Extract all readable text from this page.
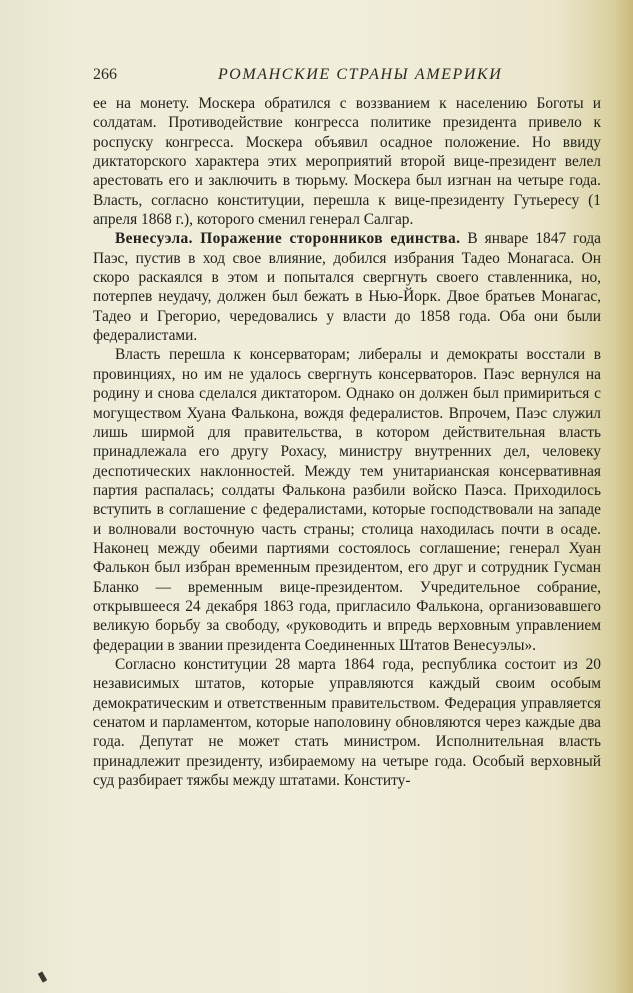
266	РОМАНСКИЕ СТРАНЫ АМЕРИКИ

ее на монету. Москера обратился с воззванием к населению Боготы и солдатам. Противодействие конгресса политике президента привело к роспуску конгресса. Москера объявил осадное положение. Но ввиду диктаторского характера этих мероприятий второй вице-президент велел арестовать его и заключить в тюрьму. Москера был изгнан на четыре года. Власть, согласно конституции, перешла к вице-президенту Гутьересу (1 апреля 1868 г.), которого сменил генерал Салгар.

Венесуэла. Поражение сторонников единства. В январе 1847 года Паэс, пустив в ход свое влияние, добился избрания Тадео Монагаса. Он скоро раскаялся в этом и попытался свергнуть своего ставленника, но, потерпев неудачу, должен был бежать в Нью-Йорк. Двое братьев Монагас, Тадео и Грегорио, чередовались у власти до 1858 года. Оба они были федералистами.

Власть перешла к консерваторам; либералы и демократы восстали в провинциях, но им не удалось свергнуть консерваторов. Паэс вернулся на родину и снова сделался диктатором. Однако он должен был примириться с могуществом Хуана Фалькона, вождя федералистов. Впрочем, Паэс служил лишь ширмой для правительства, в котором действительная власть принадлежала его другу Рохасу, министру внутренних дел, человеку деспотических наклонностей. Между тем унитарианская консервативная партия распалась; солдаты Фалькона разбили войско Паэса. Приходилось вступить в соглашение с федералистами, которые господствовали на западе и волновали восточную часть страны; столица находилась почти в осаде. Наконец между обеими партиями состоялось соглашение; генерал Хуан Фалькон был избран временным президентом, его друг и сотрудник Гусман Бланко — временным вице-президентом. Учредительное собрание, открывшееся 24 декабря 1863 года, пригласило Фалькона, организовавшего великую борьбу за свободу, «руководить и впредь верховным управлением федерации в звании президента Соединенных Штатов Венесуэлы».

Согласно конституции 28 марта 1864 года, республика состоит из 20 независимых штатов, которые управляются каждый своим особым демократическим и ответственным правительством. Федерация управляется сенатом и парламентом, которые наполовину обновляются через каждые два года. Депутат не может стать министром. Исполнительная власть принадлежит президенту, избираемому на четыре года. Особый верховный суд разбирает тяжбы между штатами. Конститу-
